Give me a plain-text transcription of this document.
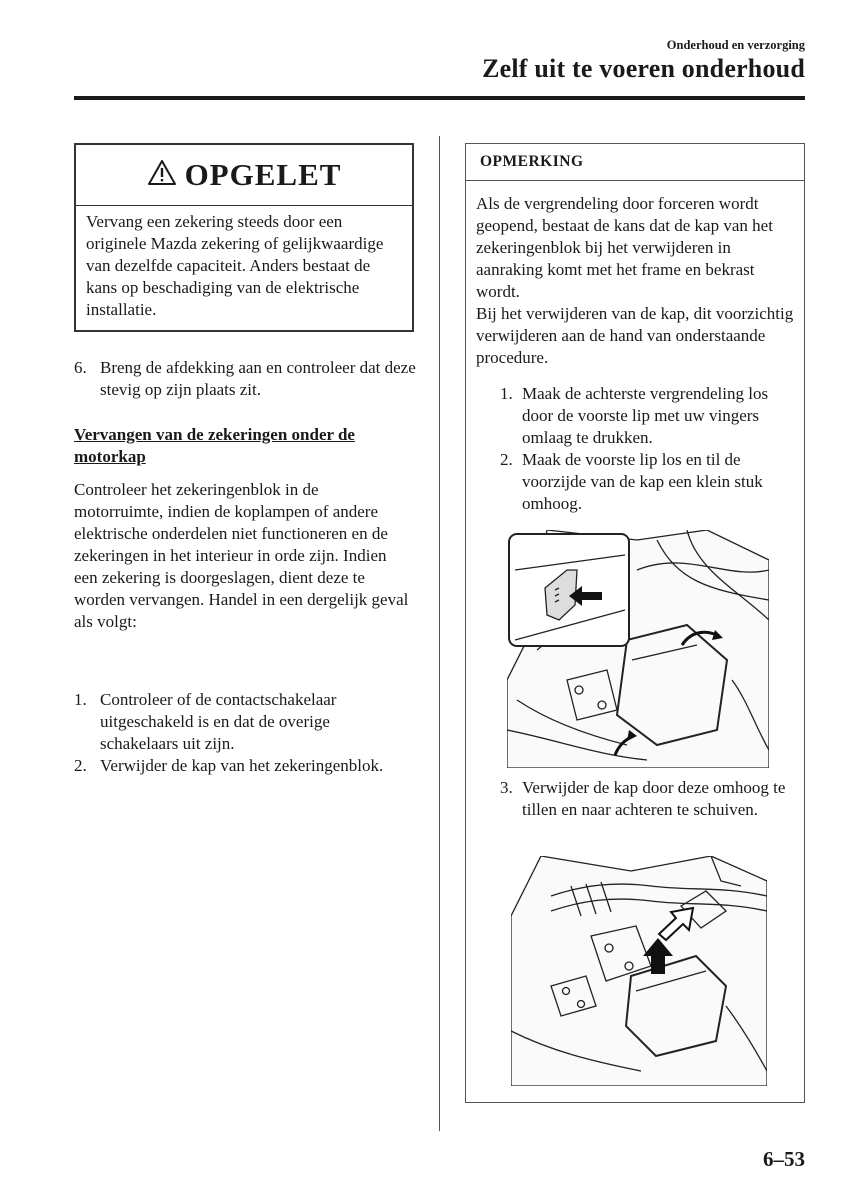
Onderhoud en verzorging
Zelf uit te voeren onderhoud
OPGELET
Vervang een zekering steeds door een originele Mazda zekering of gelijkwaardige van dezelfde capaciteit. Anders bestaat de kans op beschadiging van de elektrische installatie.
6. Breng de afdekking aan en controleer dat deze stevig op zijn plaats zit.
Vervangen van de zekeringen onder de motorkap
Controleer het zekeringenblok in de motorruimte, indien de koplampen of andere elektrische onderdelen niet functioneren en de zekeringen in het interieur in orde zijn. Indien een zekering is doorgeslagen, dient deze te worden vervangen. Handel in een dergelijk geval als volgt:
1. Controleer of de contactschakelaar uitgeschakeld is en dat de overige schakelaars uit zijn.
2. Verwijder de kap van het zekeringenblok.
OPMERKING
Als de vergrendeling door forceren wordt geopend, bestaat de kans dat de kap van het zekeringenblok bij het verwijderen in aanraking komt met het frame en bekrast wordt.
Bij het verwijderen van de kap, dit voorzichtig verwijderen aan de hand van onderstaande procedure.
1. Maak de achterste vergrendeling los door de voorste lip met uw vingers omlaag te drukken.
2. Maak de voorste lip los en til de voorzijde van de kap een klein stuk omhoog.
3. Verwijder de kap door deze omhoog te tillen en naar achteren te schuiven.
6–53
